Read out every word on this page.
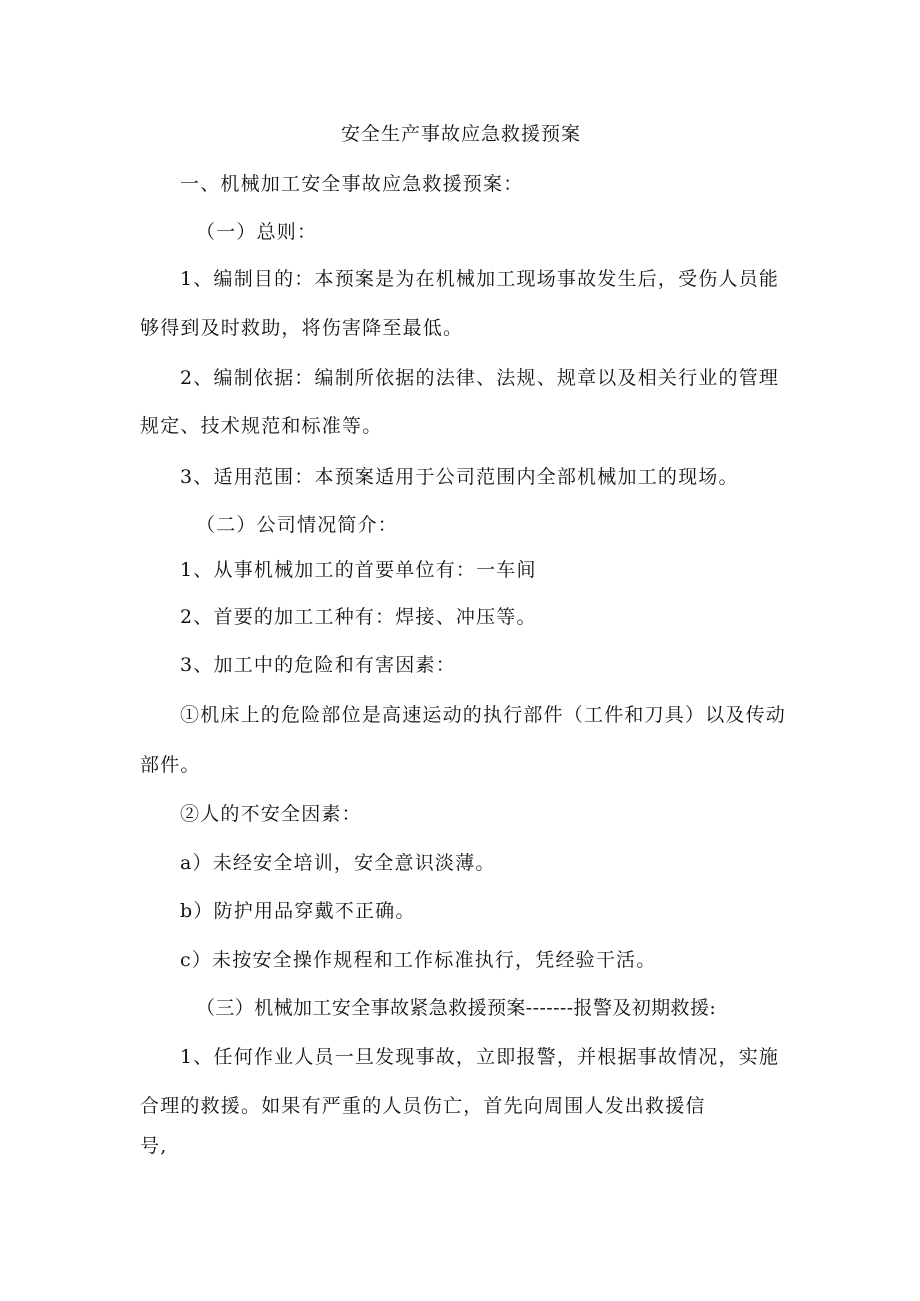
安全生产事故应急救援预案
一、机械加工安全事故应急救援预案：
（一）总则：
1、编制目的：本预案是为在机械加工现场事故发生后，受伤人员能
够得到及时救助，将伤害降至最低。
2、编制依据：编制所依据的法律、法规、规章以及相关行业的管理
规定、技术规范和标准等。
3、适用范围：本预案适用于公司范围内全部机械加工的现场。
（二）公司情况简介：
1、从事机械加工的首要单位有：一车间
2、首要的加工工种有：焊接、冲压等。
3、加工中的危险和有害因素：
①机床上的危险部位是高速运动的执行部件（工件和刀具）以及传动
部件。
②人的不安全因素：
a）未经安全培训，安全意识淡薄。
b）防护用品穿戴不正确。
c）未按安全操作规程和工作标准执行，凭经验干活。
（三）机械加工安全事故紧急救援预案-------报警及初期救援:
1、任何作业人员一旦发现事故，立即报警，并根据事故情况，实施
合理的救援。如果有严重的人员伤亡，首先向周围人发出救援信
号,
